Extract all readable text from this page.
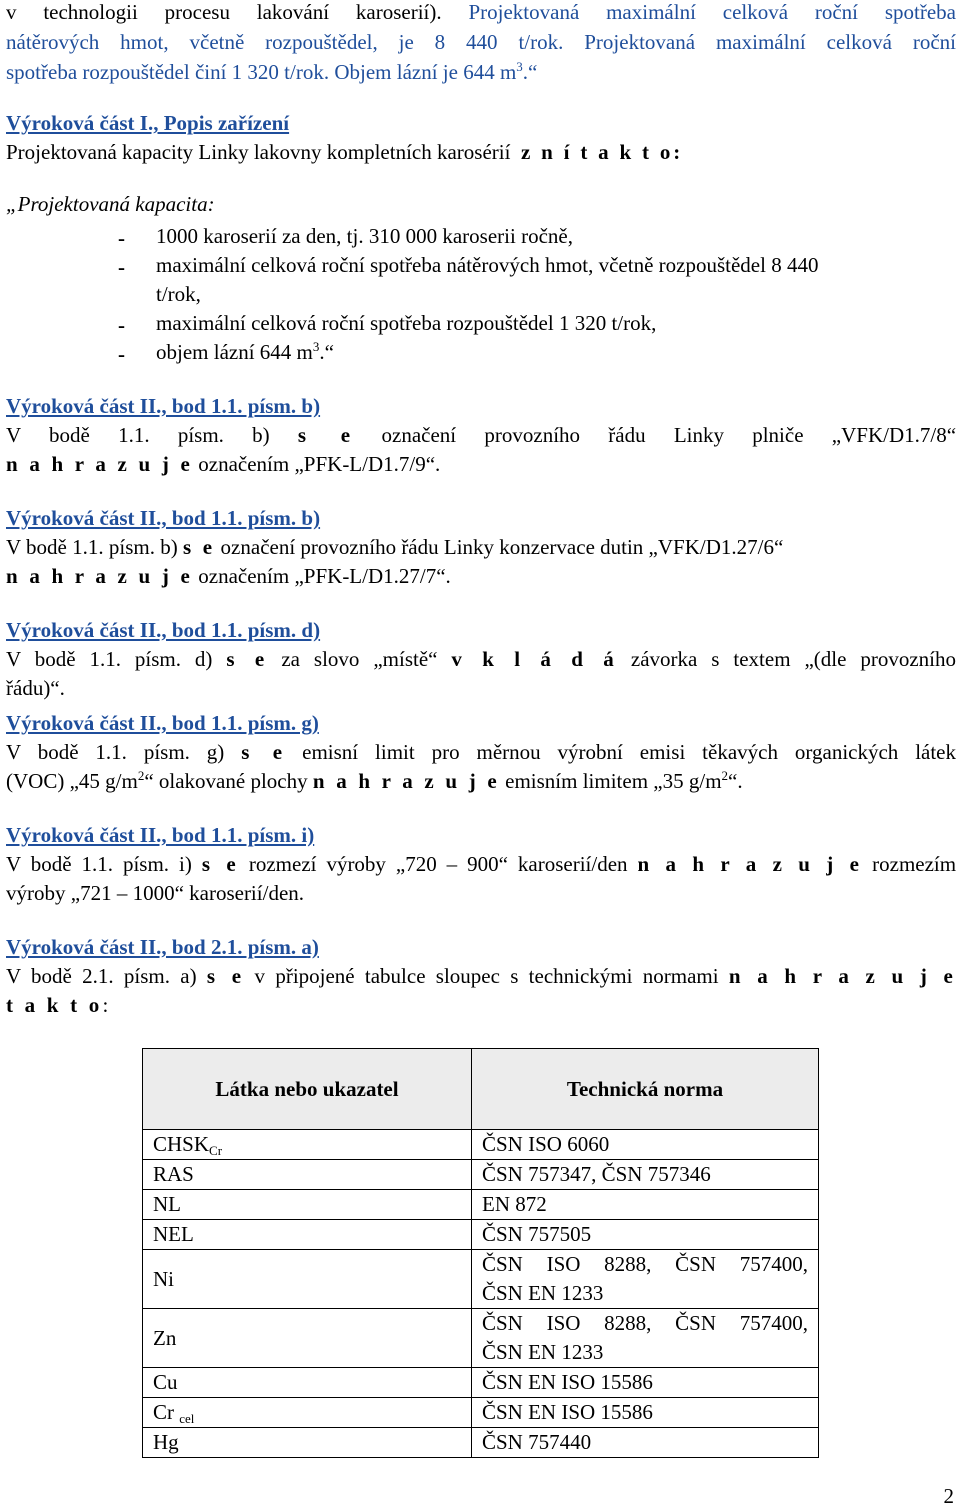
v technologii procesu lakování karoserií). Projektovaná maximální celková roční spotřeba
nátěrových hmot, včetně rozpouštědel, je 8 440 t/rok. Projektovaná maximální celková roční
spotřeba rozpouštědel činí 1 320 t/rok. Objem lázní je 644 $m^3.“$
Výroková část I., Popis zařízení
Projektovaná kapacity Linky lakovny kompletních karosérií z n í t a k t o:
„Projektovaná kapacita:
- 1000 karoserií za den, tj. 310 000 karoserii ročně,
- maximální celková roční spotřeba nátěrových hmot, včetně rozpouštědel 8 440
t/rok,
- maximální celková roční spotřeba rozpouštědel 1 320 t/rok,
- objem lázní 644 $m^3.“$
Výroková část II., bod 1.1. písm. b)
V bodě 1.1. písm. b) s e označení provozního řádu Linky plniče „VFK/D1.7/8“
n a h r a z u j e označením „PFK-L/D1.7/9“.
Výroková část II., bod 1.1. písm. b)
V bodě 1.1. písm. b) s e označení provozního řádu Linky konzervace dutin „VFK/D1.27/6“
n a h r a z u j e označením „PFK-L/D1.27/7“.
Výroková část II., bod 1.1. písm. d)
V bodě 1.1. písm. d) s e za slovo „místě“ v k l á d á závorka s textem „(dle provozního
řádu)“.
Výroková část II., bod 1.1. písm. g)
V bodě 1.1. písm. g) s e emisní limit pro měrnou výrobní emisi těkavých organických látek
(VOC) „45 $g/m^2“$ olakované plochy n a h r a z u j e emisním limitem „35 $g/m^2“$.
Výroková část II., bod 1.1. písm. i)
V bodě 1.1. písm. i) s e rozmezí výroby „720 – 900“ karoserií/den n a h r a z u j e rozmezím
výroby „721 – 1000“ karoserií/den.
Výroková část II., bod 2.1. písm. a)
V bodě 2.1. písm. a) s e v připojené tabulce sloupec s technickými normami n a h r a z u j e
t a k t o:
Látka nebo ukazatel	Technická norma
$CHSK_{Cr}$	ČSN ISO 6060

RAS	ČSN 757347, ČSN 757346

NL	EN 872

NEL	ČSN 757505

Ni	ČSN ISO 8288, ČSN 757400,
ČSN EN 1233

Zn	ČSN ISO 8288, ČSN 757400,
ČSN EN 1233

Cu	ČSN EN ISO 15586

Cr $_{cel}$	ČSN EN ISO 15586

Hg	ČSN 757440
2
